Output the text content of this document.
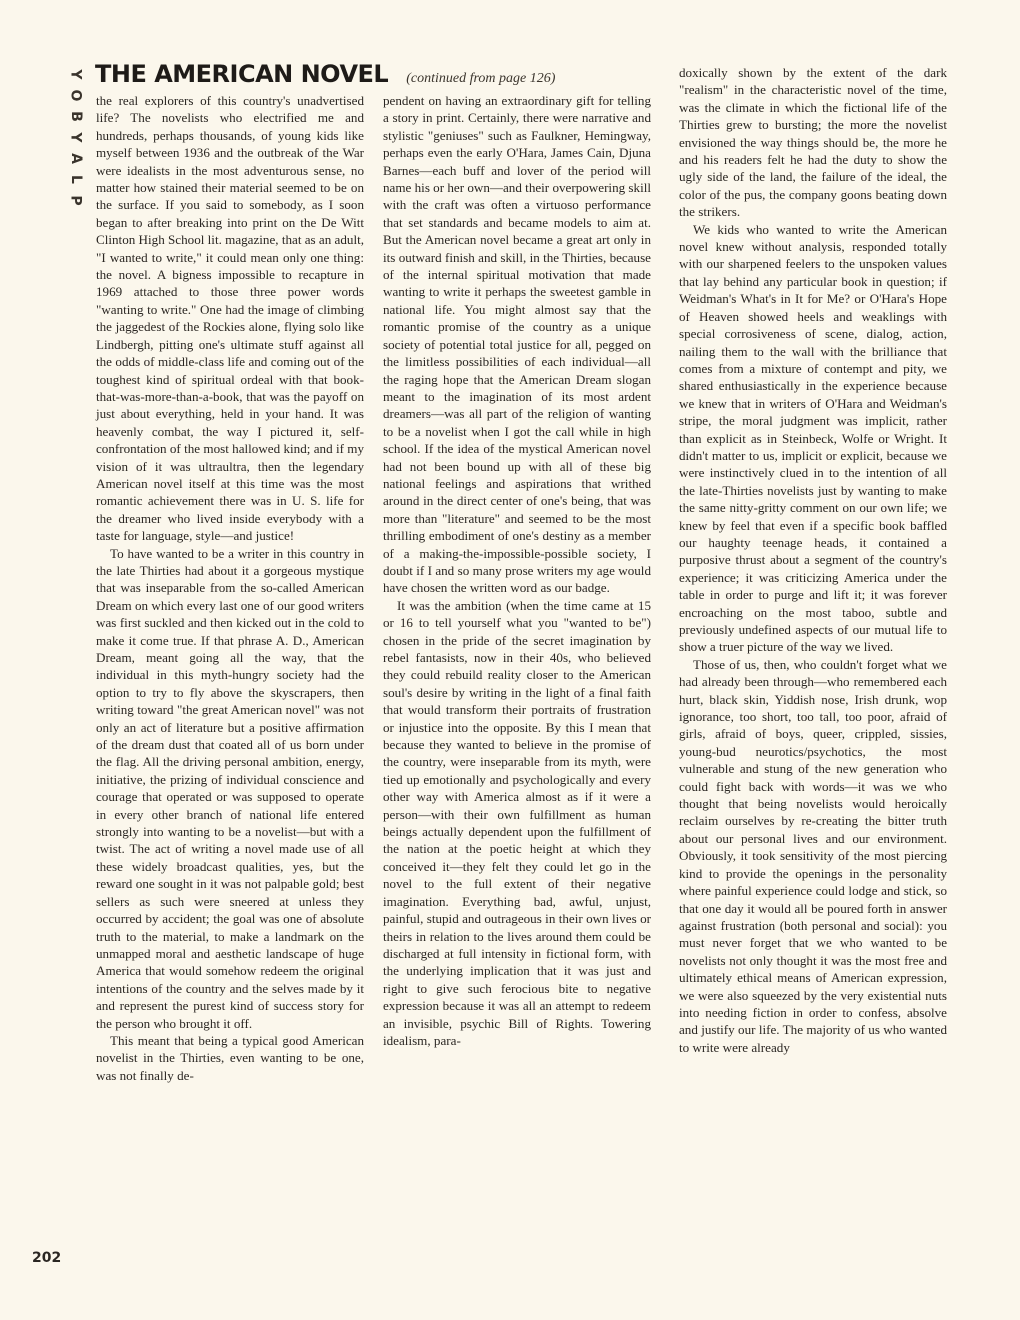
Y
O
B
Y
A
L
P
THE AMERICAN NOVEL (continued from page 126)

the real explorers of this country's unadvertised life? The novelists who electrified me and hundreds, perhaps thousands, of young kids like myself between 1936 and the outbreak of the War were idealists in the most adventurous sense, no matter how stained their material seemed to be on the surface. If you said to somebody, as I soon began to after breaking into print on the De Witt Clinton High School lit. magazine, that as an adult, "I wanted to write," it could mean only one thing: the novel. A bigness impossible to recapture in 1969 attached to those three power words "wanting to write." One had the image of climbing the jaggedest of the Rockies alone, flying solo like Lindbergh, pitting one's ultimate stuff against all the odds of middle-class life and coming out of the toughest kind of spiritual ordeal with that book-that-was-more-than-a-book, that was the payoff on just about everything, held in your hand. It was heavenly combat, the way I pictured it, self-confrontation of the most hallowed kind; and if my vision of it was ultraultra, then the legendary American novel itself at this time was the most romantic achievement there was in U. S. life for the dreamer who lived inside everybody with a taste for language, style—and justice!

To have wanted to be a writer in this country in the late Thirties had about it a gorgeous mystique that was inseparable from the so-called American Dream on which every last one of our good writers was first suckled and then kicked out in the cold to make it come true. If that phrase A. D., American Dream, meant going all the way, that the individual in this myth-hungry society had the option to try to fly above the skyscrapers, then writing toward "the great American novel" was not only an act of literature but a positive affirmation of the dream dust that coated all of us born under the flag. All the driving personal ambition, energy, initiative, the prizing of individual conscience and courage that operated or was supposed to operate in every other branch of national life entered strongly into wanting to be a novelist—but with a twist. The act of writing a novel made use of all these widely broadcast qualities, yes, but the reward one sought in it was not palpable gold; best sellers as such were sneered at unless they occurred by accident; the goal was one of absolute truth to the material, to make a landmark on the unmapped moral and aesthetic landscape of huge America that would somehow redeem the original intentions of the country and the selves made by it and represent the purest kind of success story for the person who brought it off.

This meant that being a typical good American novelist in the Thirties, even wanting to be one, was not finally de-

pendent on having an extraordinary gift for telling a story in print. Certainly, there were narrative and stylistic "geniuses" such as Faulkner, Hemingway, perhaps even the early O'Hara, James Cain, Djuna Barnes—each buff and lover of the period will name his or her own—and their overpowering skill with the craft was often a virtuoso performance that set standards and became models to aim at. But the American novel became a great art only in its outward finish and skill, in the Thirties, because of the internal spiritual motivation that made wanting to write it perhaps the sweetest gamble in national life. You might almost say that the romantic promise of the country as a unique society of potential total justice for all, pegged on the limitless possibilities of each individual—all the raging hope that the American Dream slogan meant to the imagination of its most ardent dreamers—was all part of the religion of wanting to be a novelist when I got the call while in high school. If the idea of the mystical American novel had not been bound up with all of these big national feelings and aspirations that writhed around in the direct center of one's being, that was more than "literature" and seemed to be the most thrilling embodiment of one's destiny as a member of a making-the-impossible-possible society, I doubt if I and so many prose writers my age would have chosen the written word as our badge.

It was the ambition (when the time came at 15 or 16 to tell yourself what you "wanted to be") chosen in the pride of the secret imagination by rebel fantasists, now in their 40s, who believed they could rebuild reality closer to the American soul's desire by writing in the light of a final faith that would transform their portraits of frustration or injustice into the opposite. By this I mean that because they wanted to believe in the promise of the country, were inseparable from its myth, were tied up emotionally and psychologically and every other way with America almost as if it were a person—with their own fulfillment as human beings actually dependent upon the fulfillment of the nation at the poetic height at which they conceived it—they felt they could let go in the novel to the full extent of their negative imagination. Everything bad, awful, unjust, painful, stupid and outrageous in their own lives or theirs in relation to the lives around them could be discharged at full intensity in fictional form, with the underlying implication that it was just and right to give such ferocious bite to negative expression because it was all an attempt to redeem an invisible, psychic Bill of Rights. Towering idealism, para-

doxically shown by the extent of the dark "realism" in the characteristic novel of the time, was the climate in which the fictional life of the Thirties grew to bursting; the more the novelist envisioned the way things should be, the more he and his readers felt he had the duty to show the ugly side of the land, the failure of the ideal, the color of the pus, the company goons beating down the strikers.

We kids who wanted to write the American novel knew without analysis, responded totally with our sharpened feelers to the unspoken values that lay behind any particular book in question; if Weidman's What's in It for Me? or O'Hara's Hope of Heaven showed heels and weaklings with special corrosiveness of scene, dialog, action, nailing them to the wall with the brilliance that comes from a mixture of contempt and pity, we shared enthusiastically in the experience because we knew that in writers of O'Hara and Weidman's stripe, the moral judgment was implicit, rather than explicit as in Steinbeck, Wolfe or Wright. It didn't matter to us, implicit or explicit, because we were instinctively clued in to the intention of all the late-Thirties novelists just by wanting to make the same nitty-gritty comment on our own life; we knew by feel that even if a specific book baffled our haughty teenage heads, it contained a purposive thrust about a segment of the country's experience; it was criticizing America under the table in order to purge and lift it; it was forever encroaching on the most taboo, subtle and previously undefined aspects of our mutual life to show a truer picture of the way we lived.

Those of us, then, who couldn't forget what we had already been through—who remembered each hurt, black skin, Yiddish nose, Irish drunk, wop ignorance, too short, too tall, too poor, afraid of girls, afraid of boys, queer, crippled, sissies, young-bud neurotics/psychotics, the most vulnerable and stung of the new generation who could fight back with words—it was we who thought that being novelists would heroically reclaim ourselves by re-creating the bitter truth about our personal lives and our environment. Obviously, it took sensitivity of the most piercing kind to provide the openings in the personality where painful experience could lodge and stick, so that one day it would all be poured forth in answer against frustration (both personal and social): you must never forget that we who wanted to be novelists not only thought it was the most free and ultimately ethical means of American expression, we were also squeezed by the very existential nuts into needing fiction in order to confess, absolve and justify our life. The majority of us who wanted to write were already

202
